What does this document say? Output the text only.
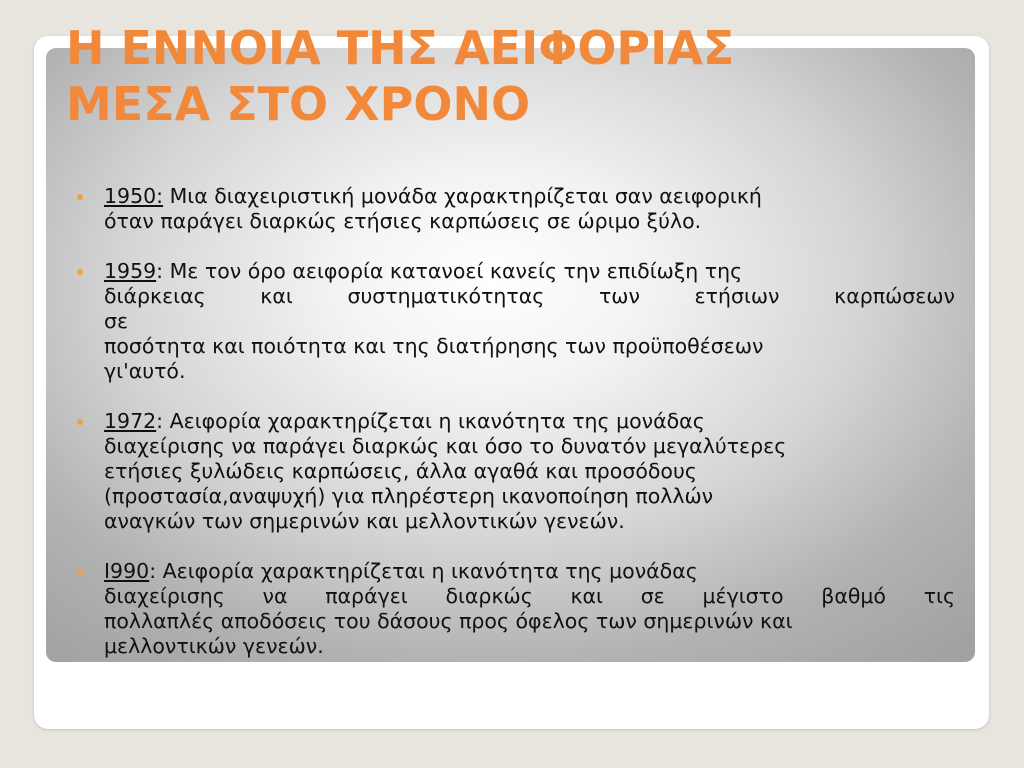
Η ΕΝΝΟΙΑ ΤΗΣ ΑΕΙΦΟΡΙΑΣ
ΜΕΣΑ ΣΤΟ ΧΡΟΝΟ
1950: Μια διαχειριστική μονάδα χαρακτηρίζεται σαν αειφορική
όταν παράγει διαρκώς ετήσιες καρπώσεις σε ώριμο ξύλο.
1959: Με τον όρο αειφορία κατανοεί κανείς την επιδίωξη της
διάρκειας	και	συστηματικότητας	των	ετήσιων	καρπώσεων
σε
ποσότητα και ποιότητα και της διατήρησης των προϋποθέσεων
γι'αυτό.
1972: Αειφορία χαρακτηρίζεται η ικανότητα της μονάδας
διαχείρισης να παράγει διαρκώς και όσο το δυνατόν μεγαλύτερες
ετήσιες ξυλώδεις καρπώσεις, άλλα αγαθά και προσόδους
(προστασία,αναψυχή) για πληρέστερη ικανοποίηση πολλών
αναγκών των σημερινών και μελλοντικών γενεών.
Ι990: Αειφορία χαρακτηρίζεται η ικανότητα της μονάδας
διαχείρισης να παράγει διαρκώς και σε μέγιστο βαθμό τις
πολλαπλές αποδόσεις του δάσους προς όφελος των σημερινών και
μελλοντικών γενεών.
